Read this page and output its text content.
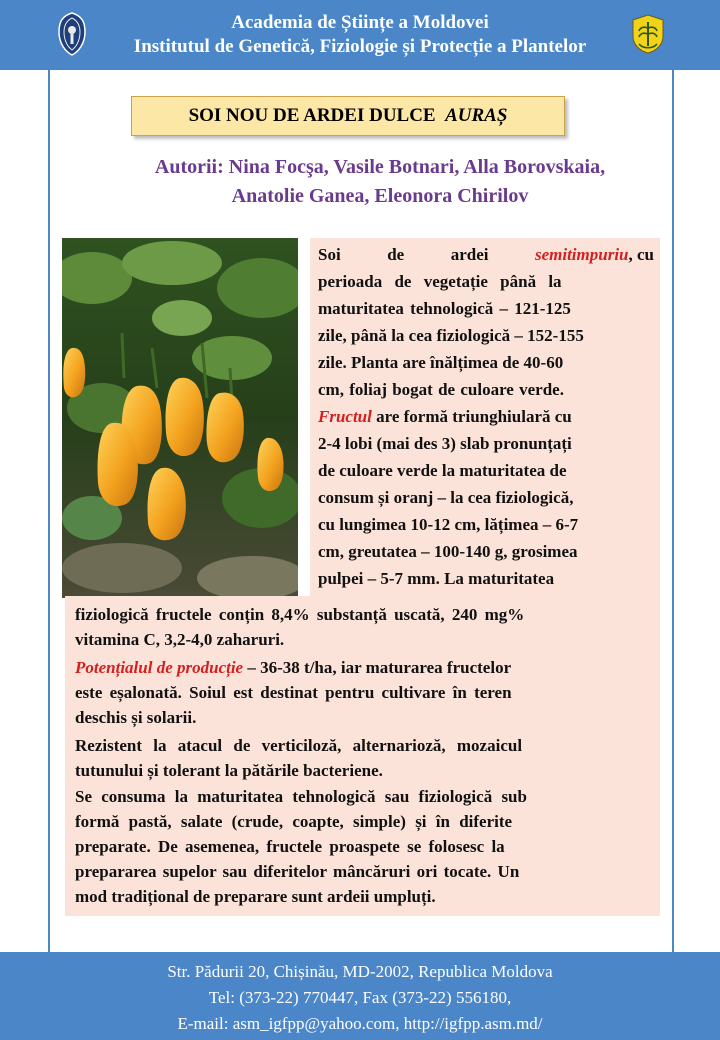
Academia de Științe a Moldovei
Institutul de Genetică, Fiziologie și Protecție a Plantelor
SOI NOU DE ARDEI DULCE AURAȘ
Autorii: Nina Focşa, Vasile Botnari, Alla Borovskaia,
Anatolie Ganea, Eleonora Chirilov
Soi	de	ardei	semitimpuriu, cu
perioada de vegetație până la
maturitatea tehnologică – 121-125
zile, până la cea fiziologică – 152-155
zile. Planta are înălțimea de 40-60
cm, foliaj bogat de culoare verde.
Fructul are formă triunghiulară cu
2-4 lobi (mai des 3) slab pronunțați
de culoare verde la maturitatea de
consum și oranj – la cea fiziologică,
cu lungimea 10-12 cm, lățimea – 6-7
cm, greutatea – 100-140 g, grosimea
pulpei – 5-7 mm. La maturitatea
fiziologică fructele conțin 8,4% substanță uscată, 240 mg%
vitamina C, 3,2-4,0 zaharuri.
Potențialul de producție – 36-38 t/ha, iar maturarea fructelor
este eșalonată. Soiul est destinat pentru cultivare în teren
deschis și solarii.
Rezistent la atacul de verticiloză, alternarioză, mozaicul
tutunului și tolerant la pătările bacteriene.
Se consuma la maturitatea tehnologică sau fiziologică sub
formă pastă, salate (crude, coapte, simple) și în diferite
preparate. De asemenea, fructele proaspete se folosesc la
prepararea supelor sau diferitelor mâncăruri ori tocate. Un
mod tradițional de preparare sunt ardeii umpluți.
Str. Pădurii 20, Chișinău, MD-2002, Republica Moldova
Tel: (373-22) 770447, Fax (373-22) 556180,
E-mail: asm_igfpp@yahoo.com, http://igfpp.asm.md/
